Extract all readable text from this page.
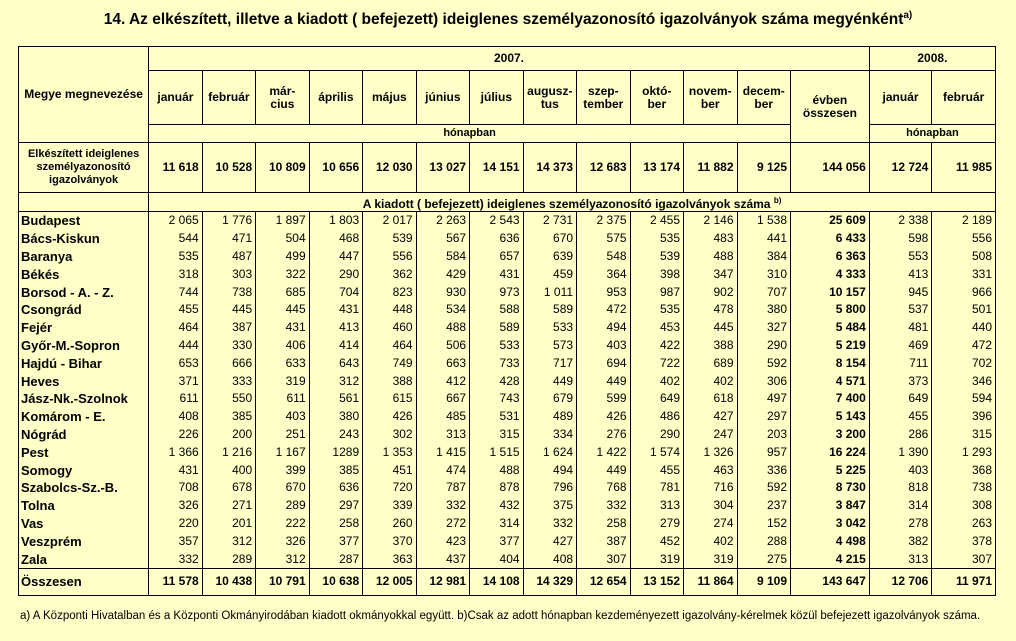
14. Az elkészített, illetve a kiadott ( befejezett) ideiglenes személyazonosító igazolványok száma megyénként$^{a)}$
Megye megnevezése	2007.													2008.	
	január	február	már-cius	április	május	június	július	augusz-tus	szep-tember	októ-ber	novem-ber	decem-ber	évben összesen	január	február
	hónapban													hónapban	
Elkészített ideiglenes személyazonosító igazolványok	11 618	10 528	10 809	10 656	12 030	13 027	14 151	14 373	12 683	13 174	11 882	9 125	144 056	12 724	11 985
	A kiadott ( befejezett) ideiglenes személyazonosító igazolványok száma $^{b)}$
Budapest	2 065	1 776	1 897	1 803	2 017	2 263	2 543	2 731	2 375	2 455	2 146	1 538	25 609	2 338	2 189
Bács-Kiskun	544	471	504	468	539	567	636	670	575	535	483	441	6 433	598	556
Baranya	535	487	499	447	556	584	657	639	548	539	488	384	6 363	553	508
Békés	318	303	322	290	362	429	431	459	364	398	347	310	4 333	413	331
Borsod - A. - Z.	744	738	685	704	823	930	973	1 011	953	987	902	707	10 157	945	966
Csongrád	455	445	445	431	448	534	588	589	472	535	478	380	5 800	537	501
Fejér	464	387	431	413	460	488	589	533	494	453	445	327	5 484	481	440
Győr-M.-Sopron	444	330	406	414	464	506	533	573	403	422	388	290	5 219	469	472
Hajdú - Bihar	653	666	633	643	749	663	733	717	694	722	689	592	8 154	711	702
Heves	371	333	319	312	388	412	428	449	449	402	402	306	4 571	373	346
Jász-Nk.-Szolnok	611	550	611	561	615	667	743	679	599	649	618	497	7 400	649	594
Komárom - E.	408	385	403	380	426	485	531	489	426	486	427	297	5 143	455	396
Nógrád	226	200	251	243	302	313	315	334	276	290	247	203	3 200	286	315
Pest	1 366	1 216	1 167	1289	1 353	1 415	1 515	1 624	1 422	1 574	1 326	957	16 224	1 390	1 293
Somogy	431	400	399	385	451	474	488	494	449	455	463	336	5 225	403	368
Szabolcs-Sz.-B.	708	678	670	636	720	787	878	796	768	781	716	592	8 730	818	738
Tolna	326	271	289	297	339	332	432	375	332	313	304	237	3 847	314	308
Vas	220	201	222	258	260	272	314	332	258	279	274	152	3 042	278	263
Veszprém	357	312	326	377	370	423	377	427	387	452	402	288	4 498	382	378
Zala	332	289	312	287	363	437	404	408	307	319	319	275	4 215	313	307
Összesen	11 578	10 438	10 791	10 638	12 005	12 981	14 108	14 329	12 654	13 152	11 864	9 109	143 647	12 706	11 971
a) A Központi Hivatalban és a Központi Okmányirodában kiadott okmányokkal együtt. b)Csak az adott hónapban kezdeményezett igazolvány-kérelmek közül befejezett igazolványok száma.
